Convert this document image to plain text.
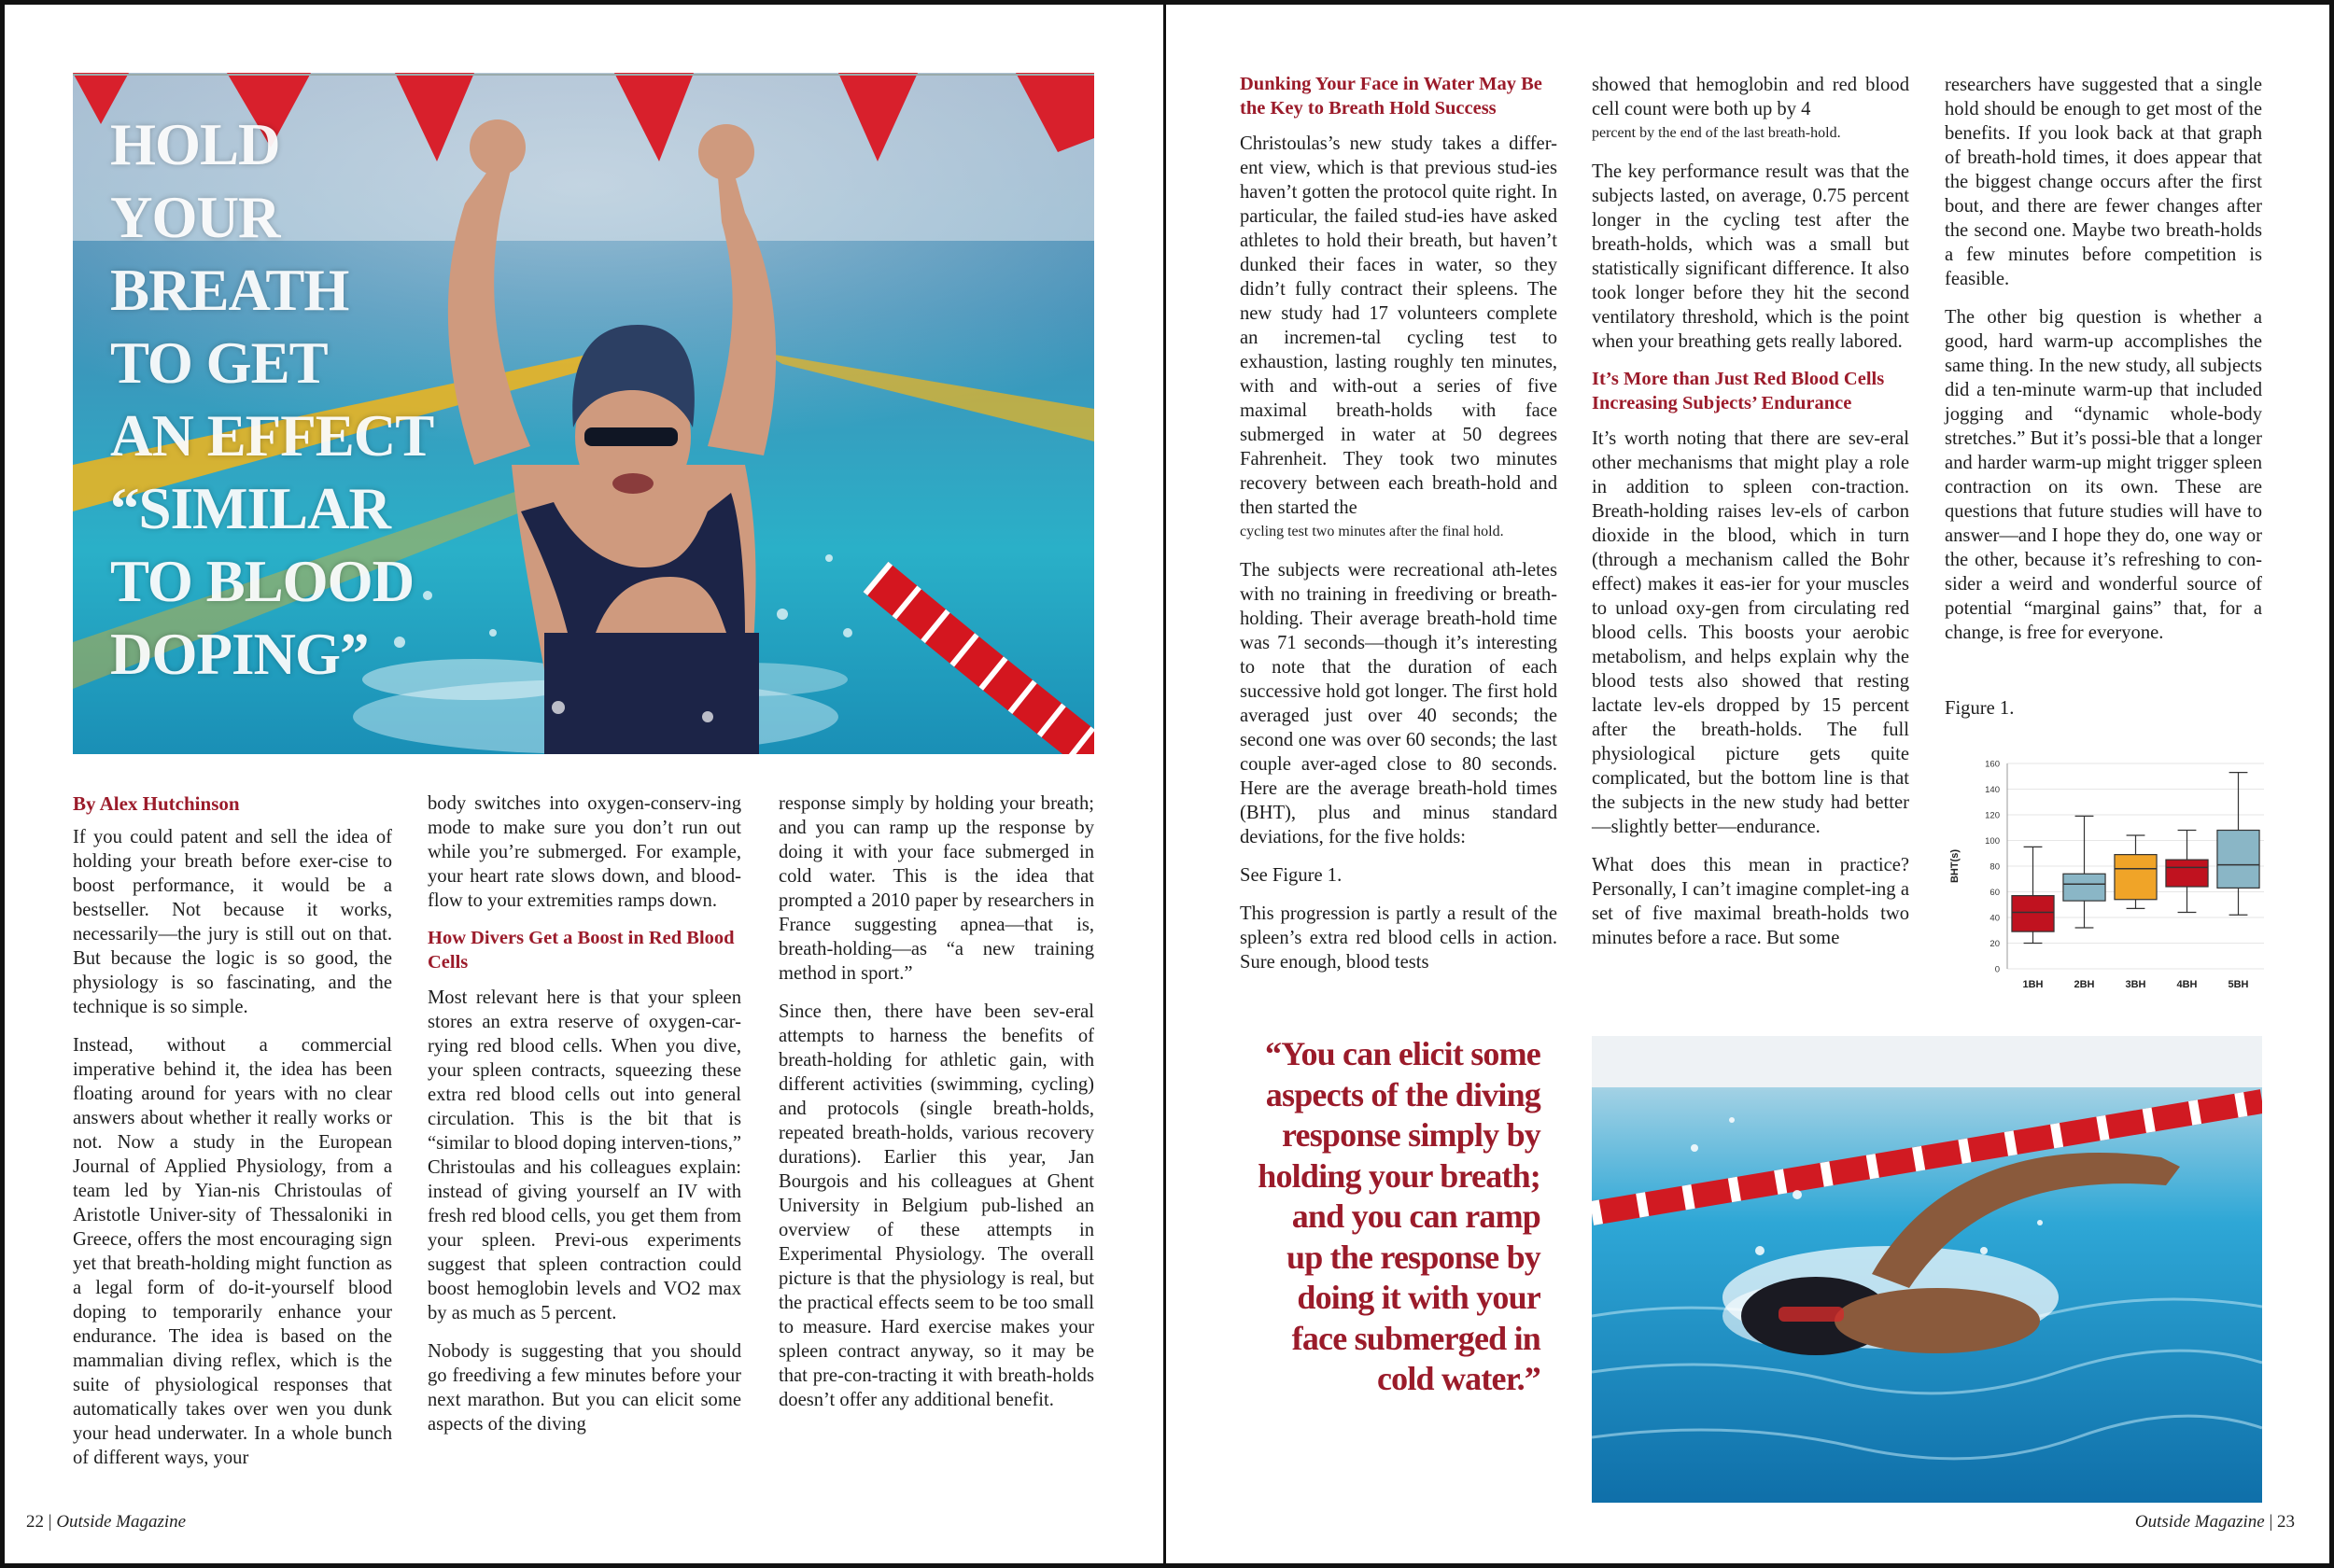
HOLD
YOUR
BREATH
TO GET
AN EFFECT
“SIMILAR
TO BLOOD
DOPING”
By Alex Hutchinson

If you could patent and sell the idea of holding your breath before exer-cise to boost performance, it would be a bestseller. Not because it works, necessarily—the jury is still out on that. But because the logic is so good, the physiology is so fascinating, and the technique is so simple.

Instead, without a commercial imperative behind it, the idea has been floating around for years with no clear answers about whether it really works or not. Now a study in the European Journal of Applied Physiology, from a team led by Yian-nis Christoulas of Aristotle Univer-sity of Thessaloniki in Greece, offers the most encouraging sign yet that breath-holding might function as a legal form of do-it-yourself blood doping to temporarily enhance your endurance. The idea is based on the mammalian diving reflex, which is the suite of physiological responses that automatically takes over wen you dunk your head underwater. In a whole bunch of different ways, your

body switches into oxygen-conserv-ing mode to make sure you don’t run out while you’re submerged. For example, your heart rate slows down, and blood-flow to your extremities ramps down.

How Divers Get a Boost in Red Blood Cells

Most relevant here is that your spleen stores an extra reserve of oxygen-car-rying red blood cells. When you dive, your spleen contracts, squeezing these extra red blood cells out into general circulation. This is the bit that is “similar to blood doping interven-tions,” Christoulas and his colleagues explain: instead of giving yourself an IV with fresh red blood cells, you get them from your spleen. Previ-ous experiments suggest that spleen contraction could boost hemoglobin levels and VO2 max by as much as 5 percent.

Nobody is suggesting that you should go freediving a few minutes before your next marathon. But you can elicit some aspects of the diving

response simply by holding your breath; and you can ramp up the response by doing it with your face submerged in cold water. This is the idea that prompted a 2010 paper by researchers in France suggesting apnea—that is, breath-holding—as “a new training method in sport.”

Since then, there have been sev-eral attempts to harness the benefits of breath-holding for athletic gain, with different activities (swimming, cycling) and protocols (single breath-holds, repeated breath-holds, various recovery durations). Earlier this year, Jan Bourgois and his colleagues at Ghent University in Belgium pub-lished an overview of these attempts in Experimental Physiology. The overall picture is that the physiology is real, but the practical effects seem to be too small to measure. Hard exercise makes your spleen contract anyway, so it may be that pre-con-tracting it with breath-holds doesn’t offer any additional benefit.

Dunking Your Face in Water May Be the Key to Breath Hold Success

Christoulas’s new study takes a differ-ent view, which is that previous stud-ies haven’t gotten the protocol quite right. In particular, the failed stud-ies have asked athletes to hold their breath, but haven’t dunked their faces in water, so they didn’t fully contract their spleens. The new study had 17 volunteers complete an incremen-tal cycling test to exhaustion, lasting roughly ten minutes, with and with-out a series of five maximal breath-holds with face submerged in water at 50 degrees Fahrenheit. They took two minutes recovery between each breath-hold and then started the

cycling test two minutes after the final hold.

The subjects were recreational ath-letes with no training in freediving or breath-holding. Their average breath-hold time was 71 seconds—though it’s interesting to note that the duration of each successive hold got longer. The first hold averaged just over 40 seconds; the second one was over 60 seconds; the last couple aver-aged close to 80 seconds. Here are the average breath-hold times (BHT), plus and minus standard deviations, for the five holds:

See Figure 1.

This progression is partly a result of the spleen’s extra red blood cells in action. Sure enough, blood tests

showed that hemoglobin and red blood cell count were both up by 4

percent by the end of the last breath-hold.

The key performance result was that the subjects lasted, on average, 0.75 percent longer in the cycling test after the breath-holds, which was a small but statistically significant difference. It also took longer before they hit the second ventilatory threshold, which is the point when your breathing gets really labored.

It’s More than Just Red Blood Cells Increasing Subjects’ Endurance

It’s worth noting that there are sev-eral other mechanisms that might play a role in addition to spleen con-traction. Breath-holding raises lev-els of carbon dioxide in the blood, which in turn (through a mechanism called the Bohr effect) makes it eas-ier for your muscles to unload oxy-gen from circulating red blood cells. This boosts your aerobic metabolism, and helps explain why the blood tests also showed that resting lactate lev-els dropped by 15 percent after the breath-holds. The full physiological picture gets quite complicated, but the bottom line is that the subjects in the new study had better—slightly better—endurance.

What does this mean in practice? Personally, I can’t imagine complet-ing a set of five maximal breath-holds two minutes before a race. But some

researchers have suggested that a single hold should be enough to get most of the benefits. If you look back at that graph of breath-hold times, it does appear that the biggest change occurs after the first bout, and there are fewer changes after the second one. Maybe two breath-holds a few minutes before competition is feasible.

The other big question is whether a good, hard warm-up accomplishes the same thing. In the new study, all subjects did a ten-minute warm-up that included jogging and “dynamic whole-body stretches.” But it’s possi-ble that a longer and harder warm-up might trigger spleen contraction on its own. These are questions that future studies will have to answer—and I hope they do, one way or the other, because it’s refreshing to con-sider a weird and wonderful source of potential “marginal gains” that, for a change, is free for everyone.

Figure 1.
0
20
40
60
80
100
120
140
160
BHT(s)
1BH	2BH	3BH	4BH	5BH
“You can elicit some
aspects of the diving
response simply by
holding your breath;
and you can ramp
up the response by
doing it with your
face submerged in
cold water.”
22 | Outside Magazine	Outside Magazine | 23
